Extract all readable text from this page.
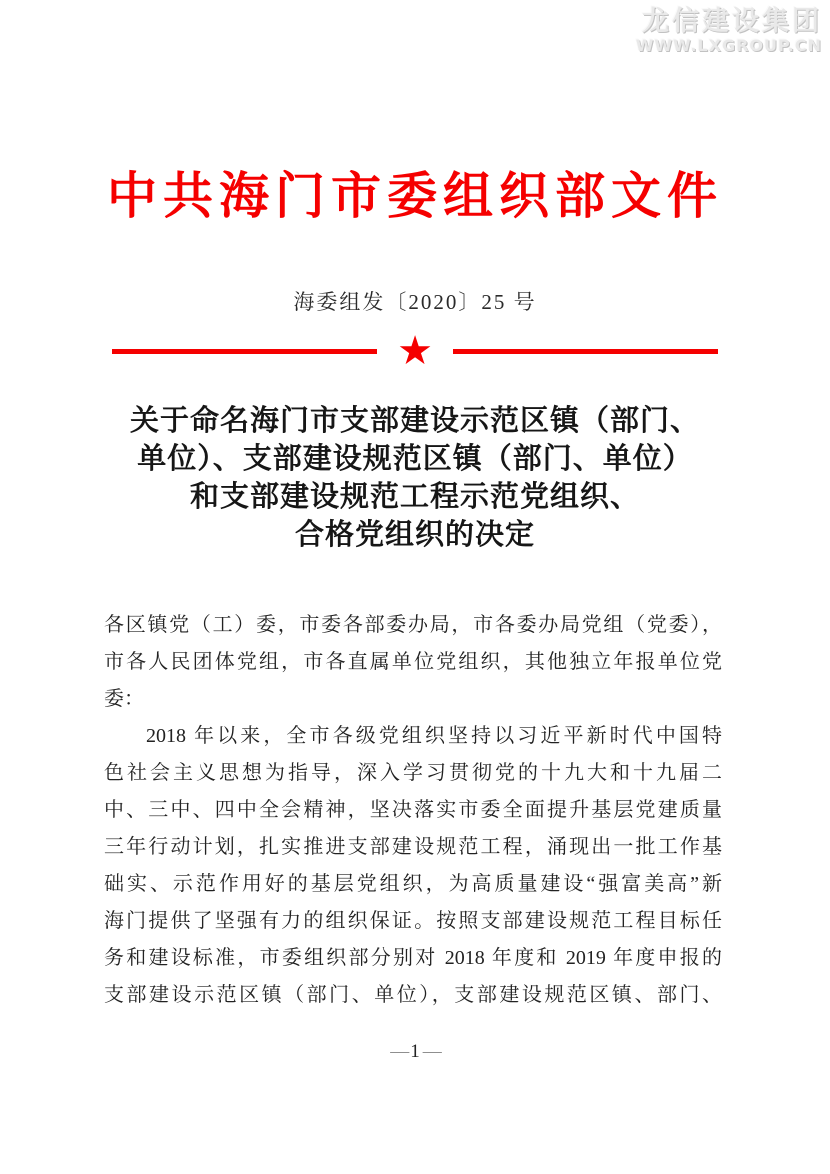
龙信建设集团
WWW.LXGROUP.CN
中共海门市委组织部文件
海委组发〔2020〕25 号
★
关于命名海门市支部建设示范区镇（部门、
单位）、支部建设规范区镇（部门、单位）
和支部建设规范工程示范党组织、
合格党组织的决定
各区镇党（工）委，市委各部委办局，市各委办局党组（党委），
市各人民团体党组，市各直属单位党组织，其他独立年报单位党
委：
2018 年以来，全市各级党组织坚持以习近平新时代中国特
色社会主义思想为指导，深入学习贯彻党的十九大和十九届二
中、三中、四中全会精神，坚决落实市委全面提升基层党建质量
三年行动计划，扎实推进支部建设规范工程，涌现出一批工作基
础实、示范作用好的基层党组织，为高质量建设“强富美高”新
海门提供了坚强有力的组织保证。按照支部建设规范工程目标任
务和建设标准，市委组织部分别对 2018 年度和 2019 年度申报的
支部建设示范区镇（部门、单位），支部建设规范区镇、部门、
— 1 —
